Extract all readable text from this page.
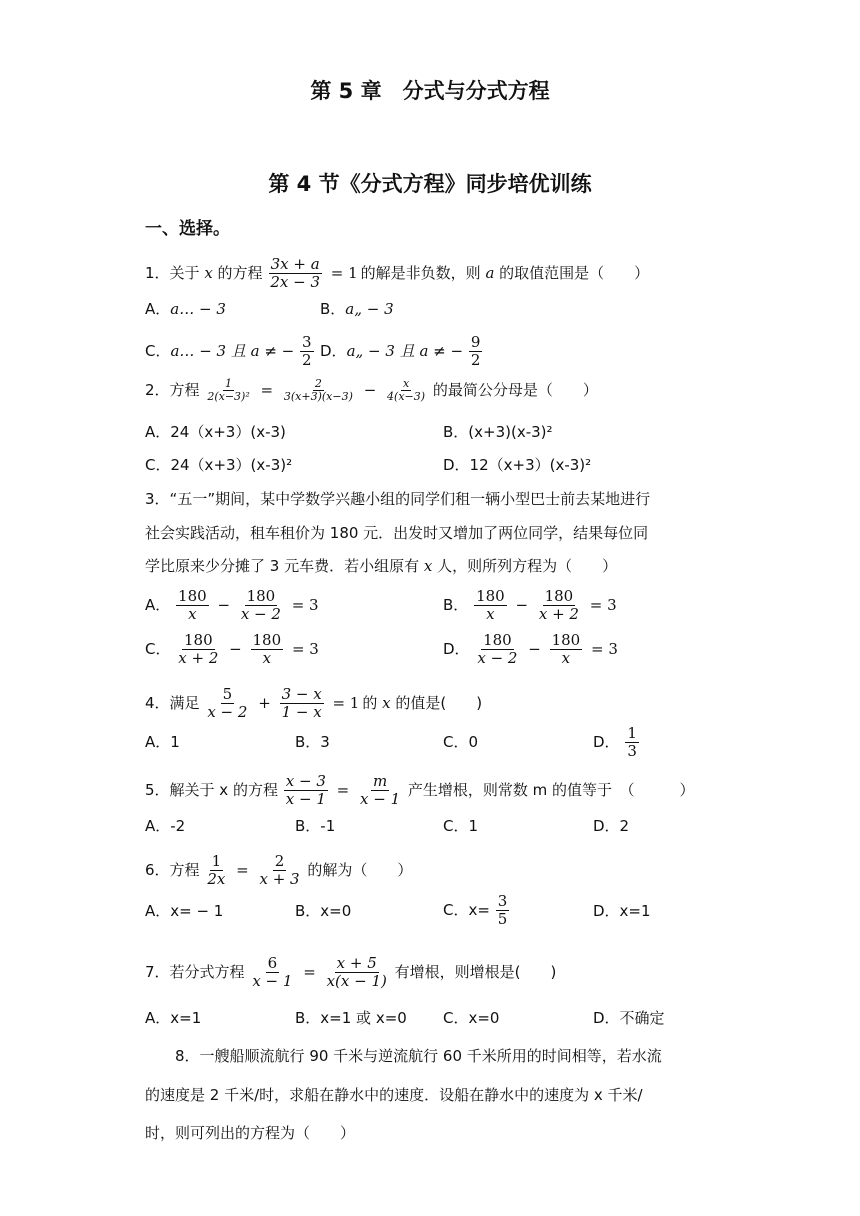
第 5 章　分式与分式方程
第 4 节《分式方程》同步培优训练
一、选择。
1．关于 x 的方程 $\frac{3x + a}{2x - 3} = 1$ 的解是非负数，则 a 的取值范围是（　　）
A．a… − 3	B．a„ − 3
C．a… − 3 且 a ≠ − $\frac{3}{2}$ D．a„ − 3 且 a ≠ − $\frac{9}{2}$
2．方程 $\frac{1}{\text{2(x−3)²}} = \frac{2}{3(x+3)(x-3)} - \frac{x}{4(x-3)}$ 的最简公分母是（　　）
A．24（x+3）(x-3)	B．(x+3)(x-3)²
C．24（x+3）(x-3)²	D．12（x+3）(x-3)²
3．“五一”期间，某中学数学兴趣小组的同学们租一辆小型巴士前去某地进行
社会实践活动，租车租价为 180 元．出发时又增加了两位同学，结果每位同
学比原来少分摊了 3 元车费．若小组原有 x 人，则所列方程为（　　）
A． $\frac{180}{x} - \frac{180}{x - 2} = 3$	B． $\frac{180}{x} - \frac{180}{x + 2} = 3$
C． $\frac{180}{x + 2} - \frac{180}{x} = 3$	D． $\frac{180}{x - 2} - \frac{180}{x} = 3$
4．满足 $\frac{5}{x - 2} + \frac{3 - x}{1 - x} = 1$ 的 x 的值是(　　)
A．1	B．3	C．0	D． $\frac{1}{3}$
5．解关于 x 的方程 $\frac{x - 3}{x - 1} = \frac{m}{x - 1}$ 产生增根，则常数 m 的值等于　（　　　）
A．-2	B．-1	C．1	D．2
6．方程 $\frac{1}{2x} = \frac{2}{x + 3}$ 的解为（　　）
A．x= − 1	B．x=0	C．$x= \frac{3}{5}$	D．x=1
7．若分式方程 $\frac{6}{x - 1} = \frac{x + 5}{x(x - 1)}$ 有增根，则增根是(　　)
A．x=1	B．x=1 或 x=0 C．x=0	D．不确定
　　8．一艘船顺流航行 90 千米与逆流航行 60 千米所用的时间相等，若水流
的速度是 2 千米/时，求船在静水中的速度．设船在静水中的速度为 x 千米/
时，则可列出的方程为（　　）
